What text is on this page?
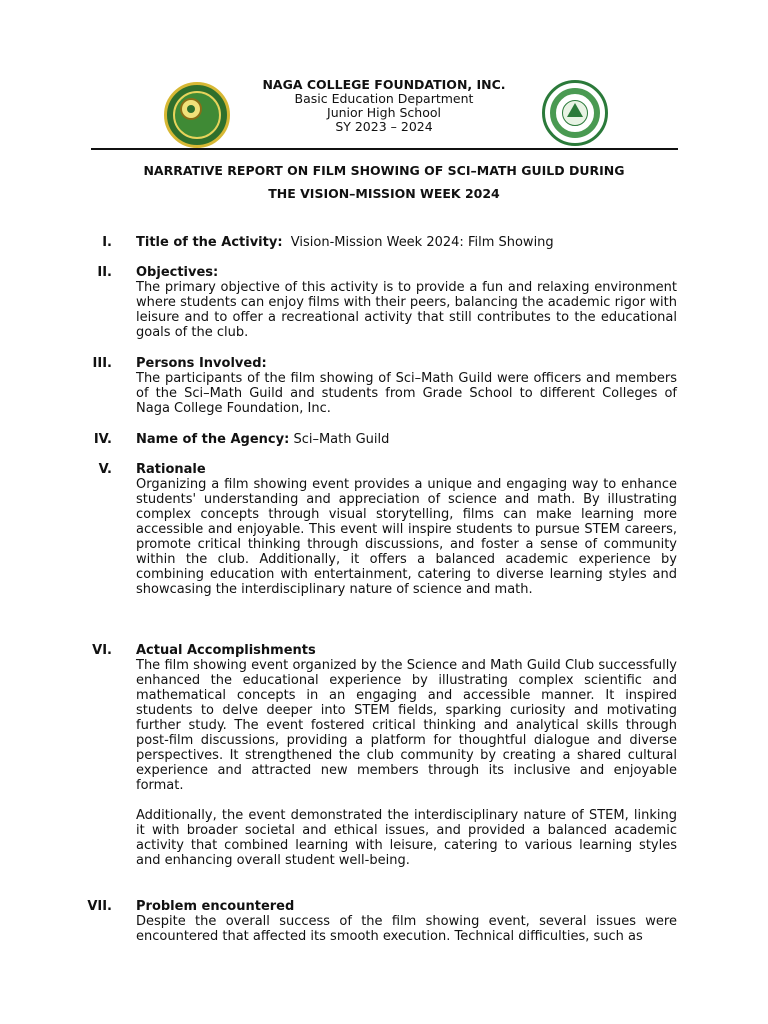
NAGA COLLEGE FOUNDATION, INC.
Basic Education Department
Junior High School
SY 2023 – 2024
NARRATIVE REPORT ON FILM SHOWING OF SCI–MATH GUILD DURING
THE VISION–MISSION WEEK 2024
I. Title of the Activity: Vision-Mission Week 2024: Film Showing
II. Objectives:
The primary objective of this activity is to provide a fun and relaxing environment where students can enjoy films with their peers, balancing the academic rigor with leisure and to offer a recreational activity that still contributes to the educational goals of the club.
III. Persons Involved:
The participants of the film showing of Sci–Math Guild were officers and members of the Sci–Math Guild and students from Grade School to different Colleges of Naga College Foundation, Inc.
IV. Name of the Agency: Sci–Math Guild
V. Rationale
Organizing a film showing event provides a unique and engaging way to enhance students' understanding and appreciation of science and math. By illustrating complex concepts through visual storytelling, films can make learning more accessible and enjoyable. This event will inspire students to pursue STEM careers, promote critical thinking through discussions, and foster a sense of community within the club. Additionally, it offers a balanced academic experience by combining education with entertainment, catering to diverse learning styles and showcasing the interdisciplinary nature of science and math.
VI. Actual Accomplishments
The film showing event organized by the Science and Math Guild Club successfully enhanced the educational experience by illustrating complex scientific and mathematical concepts in an engaging and accessible manner. It inspired students to delve deeper into STEM fields, sparking curiosity and motivating further study. The event fostered critical thinking and analytical skills through post-film discussions, providing a platform for thoughtful dialogue and diverse perspectives. It strengthened the club community by creating a shared cultural experience and attracted new members through its inclusive and enjoyable format.
Additionally, the event demonstrated the interdisciplinary nature of STEM, linking it with broader societal and ethical issues, and provided a balanced academic activity that combined learning with leisure, catering to various learning styles and enhancing overall student well-being.
VII. Problem encountered
Despite the overall success of the film showing event, several issues were encountered that affected its smooth execution. Technical difficulties, such as
